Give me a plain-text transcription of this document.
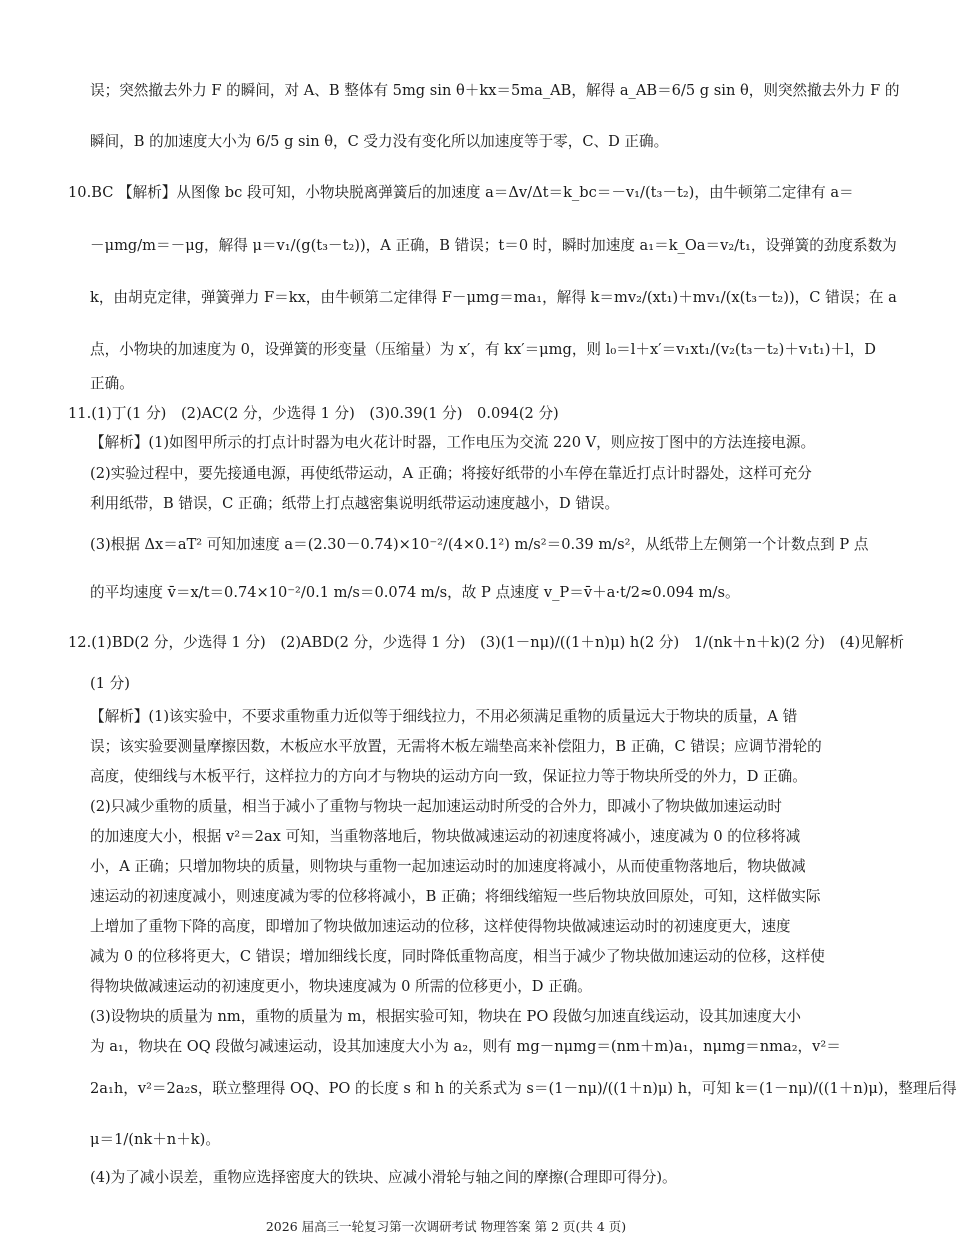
误；突然撤去外力 F 的瞬间，对 A、B 整体有 5mg sin θ＋kx＝5ma_AB，解得 a_AB＝6/5 g sin θ，则突然撤去外力 F 的
瞬间，B 的加速度大小为 6/5 g sin θ，C 受力没有变化所以加速度等于零，C、D 正确。
10.BC 【解析】从图像 bc 段可知，小物块脱离弹簧后的加速度 a＝Δv/Δt＝k_bc＝－v₁/(t₃－t₂)，由牛顿第二定律有 a＝
－μmg/m＝－μg，解得 μ＝v₁/(g(t₃－t₂))，A 正确，B 错误；t＝0 时，瞬时加速度 a₁＝k_Oa＝v₂/t₁，设弹簧的劲度系数为
k，由胡克定律，弹簧弹力 F＝kx，由牛顿第二定律得 F－μmg＝ma₁，解得 k＝mv₂/(xt₁)＋mv₁/(x(t₃－t₂))，C 错误；在 a
点，小物块的加速度为 0，设弹簧的形变量（压缩量）为 x′，有 kx′＝μmg，则 l₀＝l＋x′＝v₁xt₁/(v₂(t₃－t₂)＋v₁t₁)＋l，D
正确。
11.(1)丁(1 分)　(2)AC(2 分，少选得 1 分)　(3)0.39(1 分)　0.094(2 分)
【解析】(1)如图甲所示的打点计时器为电火花计时器，工作电压为交流 220 V，则应按丁图中的方法连接电源。
(2)实验过程中，要先接通电源，再使纸带运动，A 正确；将接好纸带的小车停在靠近打点计时器处，这样可充分
利用纸带，B 错误，C 正确；纸带上打点越密集说明纸带运动速度越小，D 错误。
(3)根据 Δx＝aT² 可知加速度 a＝(2.30－0.74)×10⁻²/(4×0.1²) m/s²＝0.39 m/s²，从纸带上左侧第一个计数点到 P 点
的平均速度 v̄＝x/t＝0.74×10⁻²/0.1 m/s＝0.074 m/s，故 P 点速度 v_P＝v̄＋a·t/2≈0.094 m/s。
12.(1)BD(2 分，少选得 1 分)　(2)ABD(2 分，少选得 1 分)　(3)(1－nμ)/((1＋n)μ) h(2 分)　1/(nk＋n＋k)(2 分)　(4)见解析
(1 分)
【解析】(1)该实验中，不要求重物重力近似等于细线拉力，不用必须满足重物的质量远大于物块的质量，A 错
误；该实验要测量摩擦因数，木板应水平放置，无需将木板左端垫高来补偿阻力，B 正确，C 错误；应调节滑轮的
高度，使细线与木板平行，这样拉力的方向才与物块的运动方向一致，保证拉力等于物块所受的外力，D 正确。
(2)只减少重物的质量，相当于减小了重物与物块一起加速运动时所受的合外力，即减小了物块做加速运动时
的加速度大小，根据 v²＝2ax 可知，当重物落地后，物块做减速运动的初速度将减小，速度减为 0 的位移将减
小，A 正确；只增加物块的质量，则物块与重物一起加速运动时的加速度将减小，从而使重物落地后，物块做减
速运动的初速度减小，则速度减为零的位移将减小，B 正确；将细线缩短一些后物块放回原处，可知，这样做实际
上增加了重物下降的高度，即增加了物块做加速运动的位移，这样使得物块做减速运动时的初速度更大，速度
减为 0 的位移将更大，C 错误；增加细线长度，同时降低重物高度，相当于减少了物块做加速运动的位移，这样使
得物块做减速运动的初速度更小，物块速度减为 0 所需的位移更小，D 正确。
(3)设物块的质量为 nm，重物的质量为 m，根据实验可知，物块在 PO 段做匀加速直线运动，设其加速度大小
为 a₁，物块在 OQ 段做匀减速运动，设其加速度大小为 a₂，则有 mg－nμmg＝(nm＋m)a₁，nμmg＝nma₂，v²＝
2a₁h，v²＝2a₂s，联立整理得 OQ、PO 的长度 s 和 h 的关系式为 s＝(1－nμ)/((1＋n)μ) h，可知 k＝(1－nμ)/((1＋n)μ)，整理后得
μ＝1/(nk＋n＋k)。
(4)为了减小误差，重物应选择密度大的铁块、应减小滑轮与轴之间的摩擦(合理即可得分)。
2026 届高三一轮复习第一次调研考试 物理答案 第 2 页(共 4 页)
